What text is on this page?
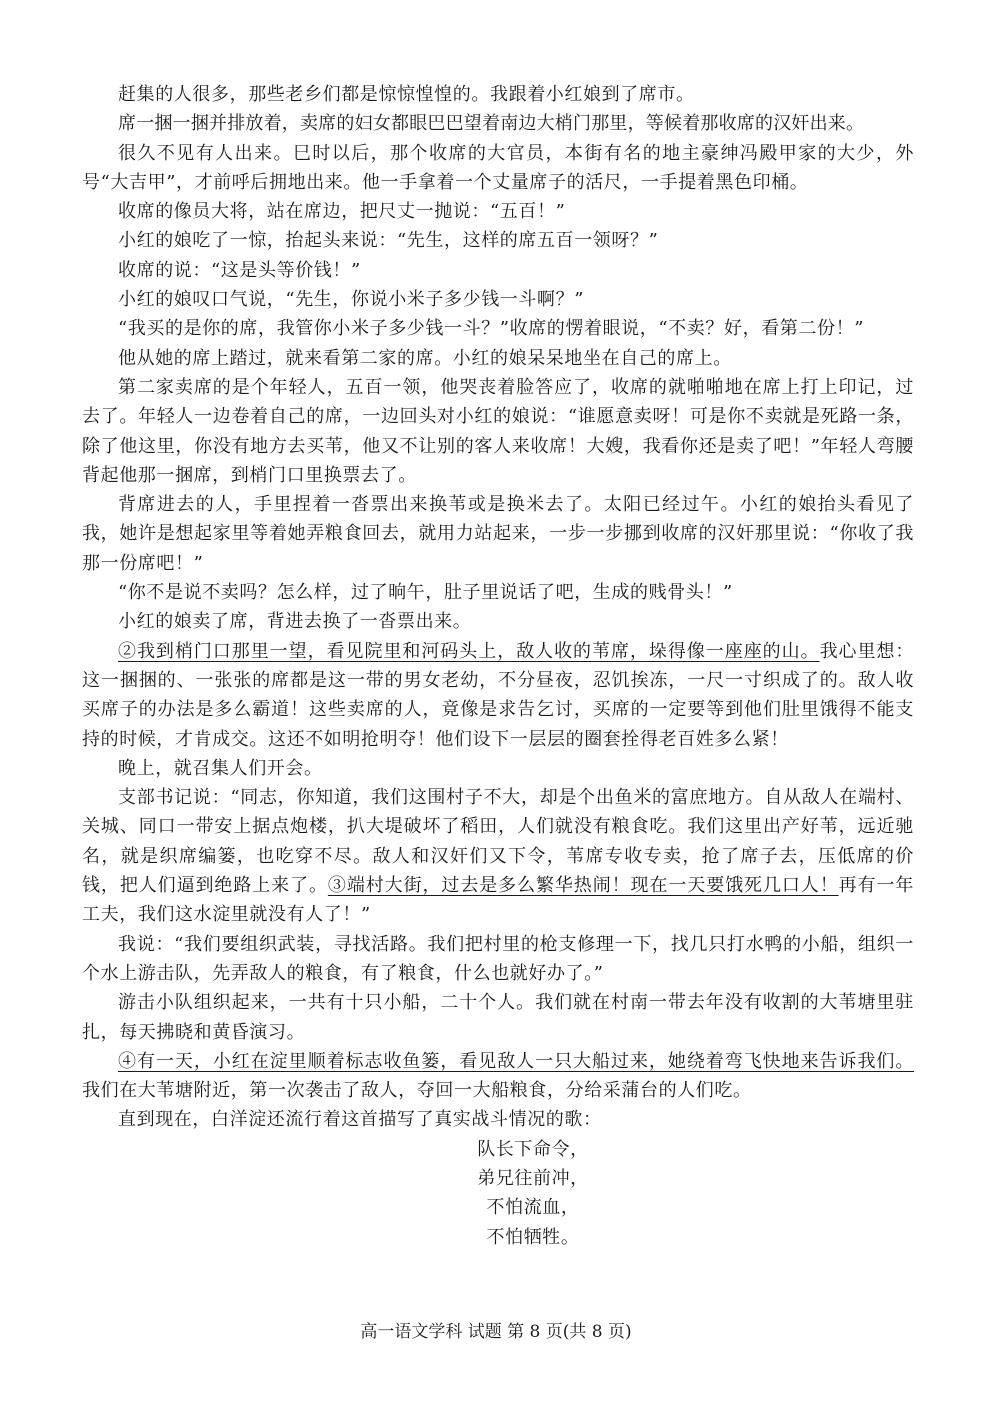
赶集的人很多，那些老乡们都是惊惊惶惶的。我跟着小红娘到了席市。

席一捆一捆并排放着，卖席的妇女都眼巴巴望着南边大梢门那里，等候着那收席的汉奸出来。

很久不见有人出来。巳时以后，那个收席的大官员，本街有名的地主豪绅冯殿甲家的大少，外号“大吉甲”，才前呼后拥地出来。他一手拿着一个丈量席子的活尺，一手提着黑色印桶。

收席的像员大将，站在席边，把尺丈一抛说：“五百！”

小红的娘吃了一惊，抬起头来说：“先生，这样的席五百一领呀？”

收席的说：“这是头等价钱！”

小红的娘叹口气说，“先生，你说小米子多少钱一斗啊？”

“我买的是你的席，我管你小米子多少钱一斗？”收席的愣着眼说，“不卖？好，看第二份！”

他从她的席上踏过，就来看第二家的席。小红的娘呆呆地坐在自己的席上。

第二家卖席的是个年轻人，五百一领，他哭丧着脸答应了，收席的就啪啪地在席上打上印记，过去了。年轻人一边卷着自己的席，一边回头对小红的娘说：“谁愿意卖呀！可是你不卖就是死路一条，除了他这里，你没有地方去买苇，他又不让别的客人来收席！大嫂，我看你还是卖了吧！”年轻人弯腰背起他那一捆席，到梢门口里换票去了。

背席进去的人，手里捏着一沓票出来换苇或是换米去了。太阳已经过午。小红的娘抬头看见了我，她许是想起家里等着她弄粮食回去，就用力站起来，一步一步挪到收席的汉奸那里说：“你收了我那一份席吧！”

“你不是说不卖吗？怎么样，过了晌午，肚子里说话了吧，生成的贱骨头！”

小红的娘卖了席，背进去换了一沓票出来。

②我到梢门口那里一望，看见院里和河码头上，敌人收的苇席，垛得像一座座的山。我心里想：这一捆捆的、一张张的席都是这一带的男女老幼，不分昼夜，忍饥挨冻，一尺一寸织成了的。敌人收买席子的办法是多么霸道！这些卖席的人，竟像是求告乞讨，买席的一定要等到他们肚里饿得不能支持的时候，才肯成交。这还不如明抢明夺！他们设下一层层的圈套拴得老百姓多么紧！

晚上，就召集人们开会。

支部书记说：“同志，你知道，我们这围村子不大，却是个出鱼米的富庶地方。自从敌人在端村、关城、同口一带安上据点炮楼，扒大堤破坏了稻田，人们就没有粮食吃。我们这里出产好苇，远近驰名，就是织席编篓，也吃穿不尽。敌人和汉奸们又下令，苇席专收专卖，抢了席子去，压低席的价钱，把人们逼到绝路上来了。③端村大街，过去是多么繁华热闹！现在一天要饿死几口人！再有一年工夫，我们这水淀里就没有人了！”

我说：“我们要组织武装，寻找活路。我们把村里的枪支修理一下，找几只打水鸭的小船，组织一个水上游击队，先弄敌人的粮食，有了粮食，什么也就好办了。”

游击小队组织起来，一共有十只小船，二十个人。我们就在村南一带去年没有收割的大苇塘里驻扎，每天拂晓和黄昏演习。

④有一天，小红在淀里顺着标志收鱼篓，看见敌人一只大船过来，她绕着弯飞快地来告诉我们。我们在大苇塘附近，第一次袭击了敌人，夺回一大船粮食，分给采蒲台的人们吃。

直到现在，白洋淀还流行着这首描写了真实战斗情况的歌：

队长下命令，

弟兄往前冲，

不怕流血，

不怕牺牲。

高一语文学科 试题 第 8 页(共 8 页)
